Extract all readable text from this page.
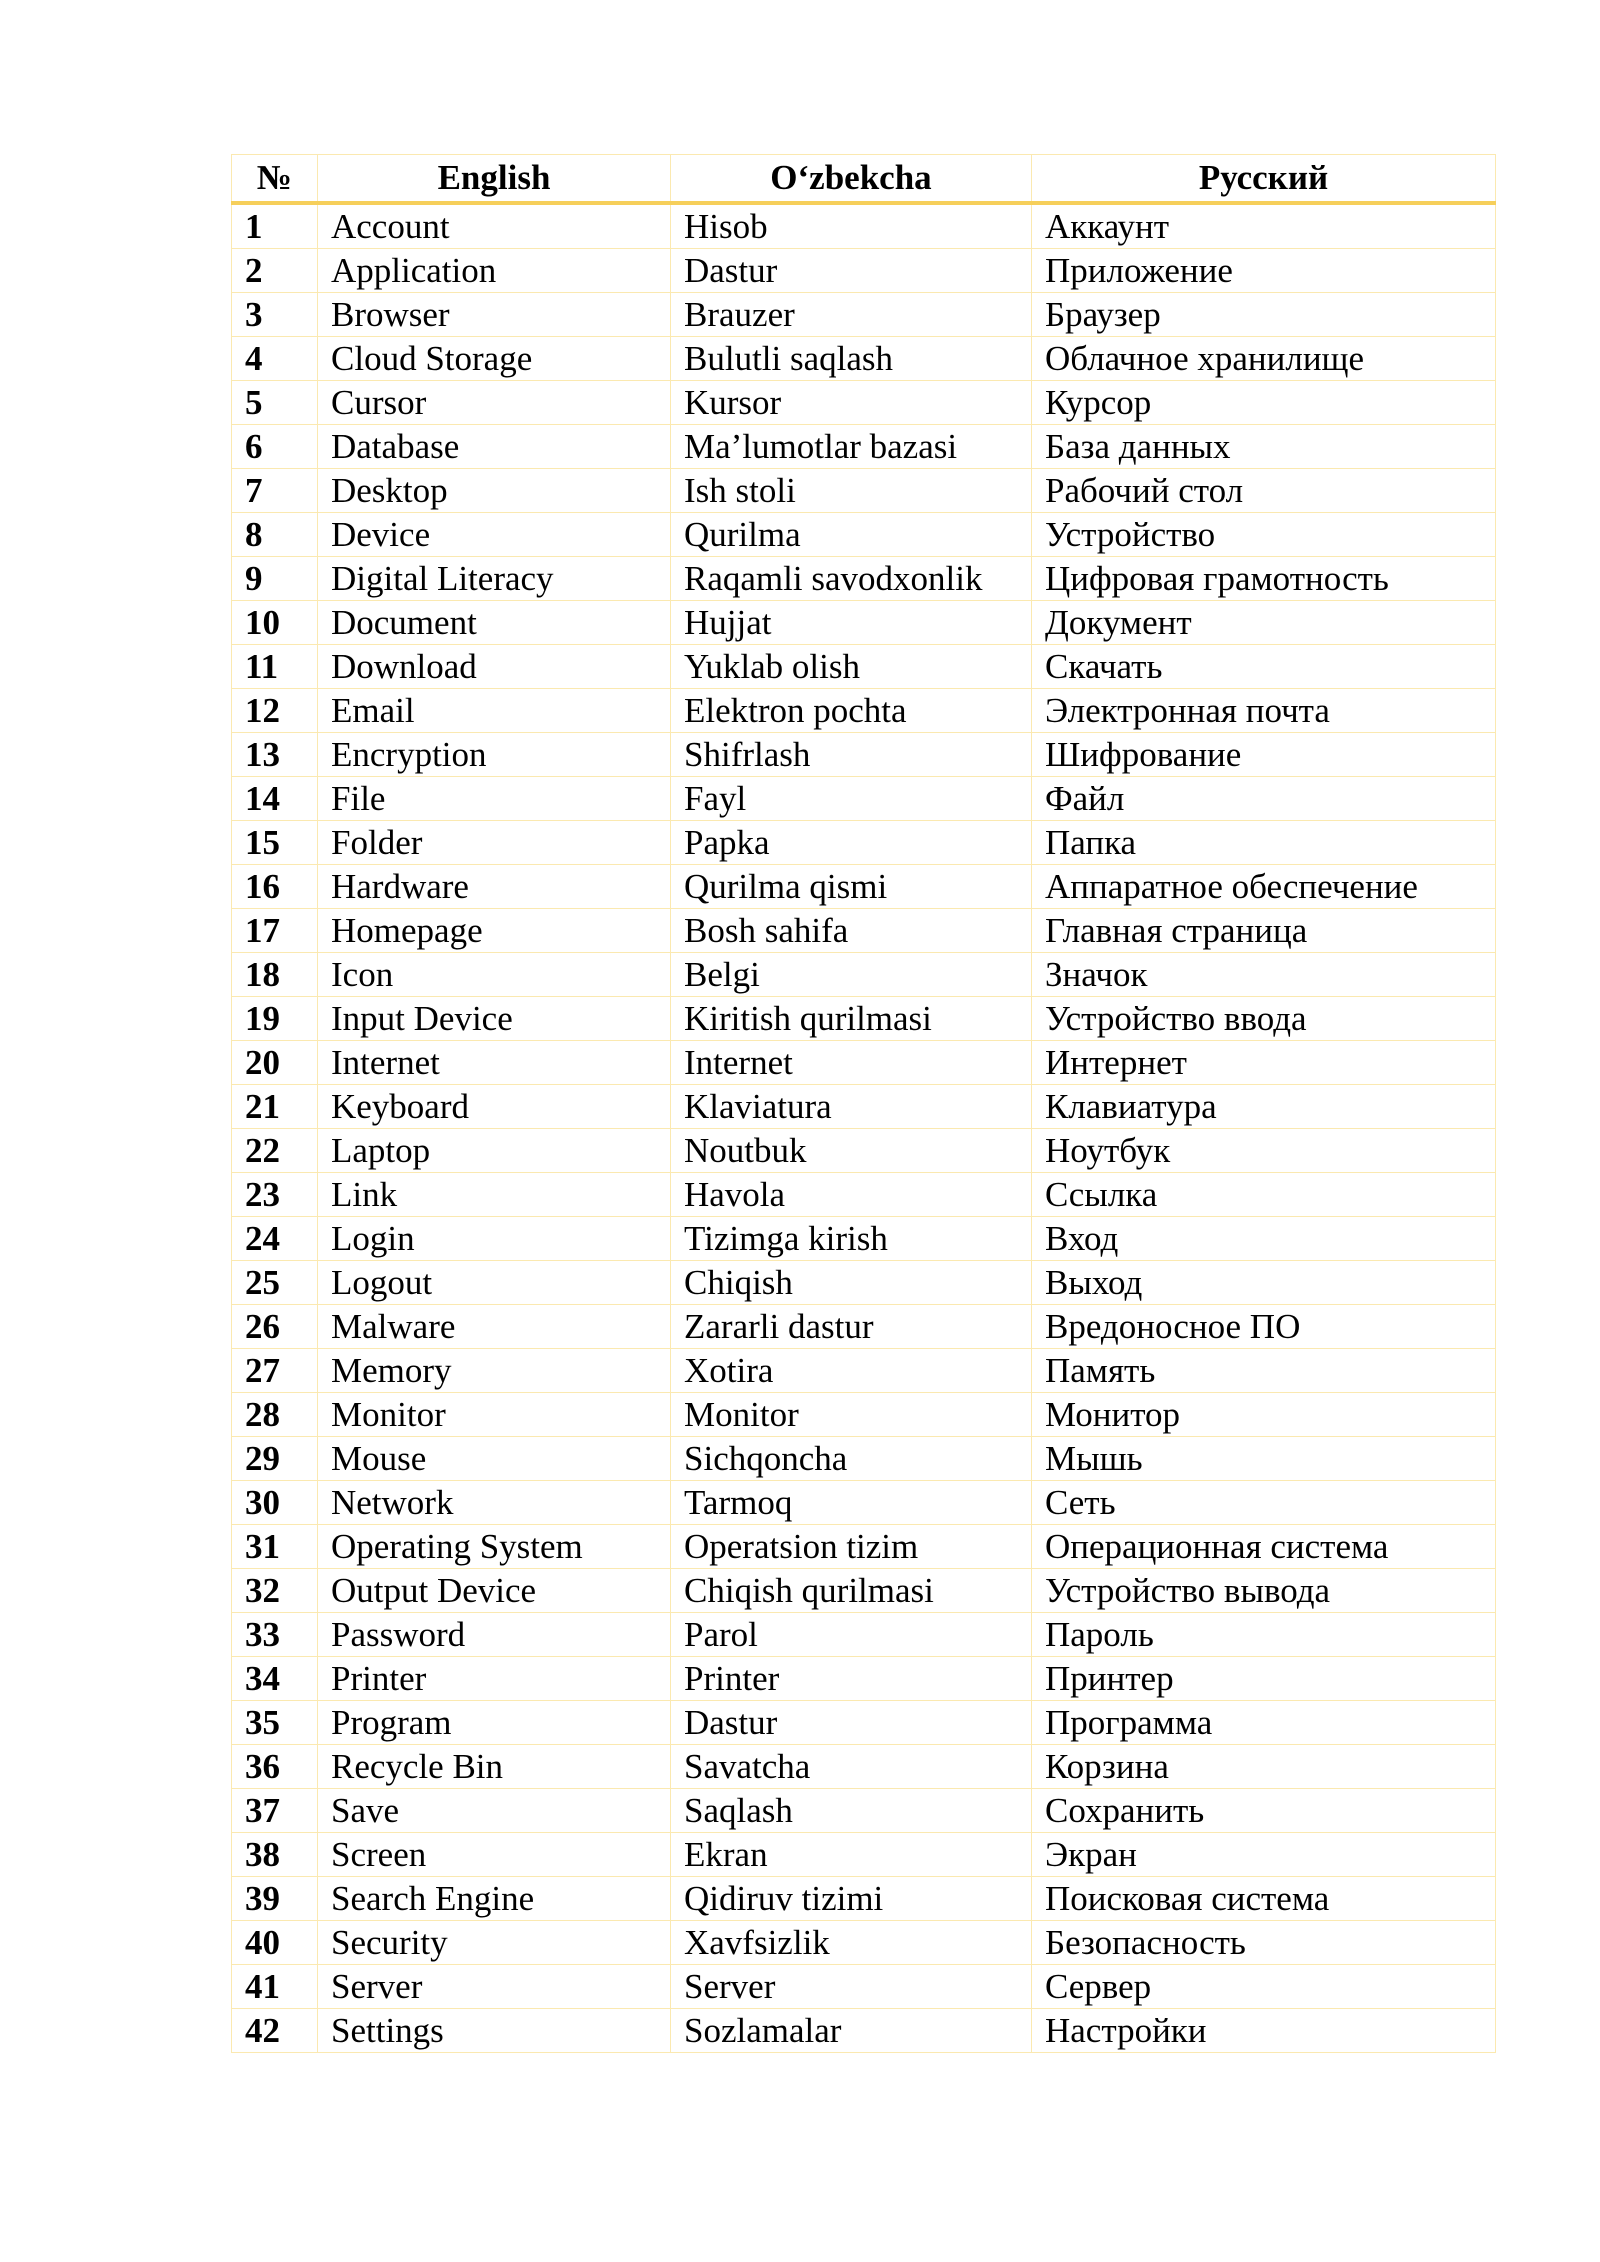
№	English	O‘zbekcha	Русский
1	Account	Hisob	Аккаунт
2	Application	Dastur	Приложение
3	Browser	Brauzer	Браузер
4	Cloud Storage	Bulutli saqlash	Облачное хранилище
5	Cursor	Kursor	Курсор
6	Database	Ma’lumotlar bazasi	База данных
7	Desktop	Ish stoli	Рабочий стол
8	Device	Qurilma	Устройство
9	Digital Literacy	Raqamli savodxonlik	Цифровая грамотность
10	Document	Hujjat	Документ
11	Download	Yuklab olish	Скачать
12	Email	Elektron pochta	Электронная почта
13	Encryption	Shifrlash	Шифрование
14	File	Fayl	Файл
15	Folder	Papka	Папка
16	Hardware	Qurilma qismi	Аппаратное обеспечение
17	Homepage	Bosh sahifa	Главная страница
18	Icon	Belgi	Значок
19	Input Device	Kiritish qurilmasi	Устройство ввода
20	Internet	Internet	Интернет
21	Keyboard	Klaviatura	Клавиатура
22	Laptop	Noutbuk	Ноутбук
23	Link	Havola	Ссылка
24	Login	Tizimga kirish	Вход
25	Logout	Chiqish	Выход
26	Malware	Zararli dastur	Вредоносное ПО
27	Memory	Xotira	Память
28	Monitor	Monitor	Монитор
29	Mouse	Sichqoncha	Мышь
30	Network	Tarmoq	Сеть
31	Operating System	Operatsion tizim	Операционная система
32	Output Device	Chiqish qurilmasi	Устройство вывода
33	Password	Parol	Пароль
34	Printer	Printer	Принтер
35	Program	Dastur	Программа
36	Recycle Bin	Savatcha	Корзина
37	Save	Saqlash	Сохранить
38	Screen	Ekran	Экран
39	Search Engine	Qidiruv tizimi	Поисковая система
40	Security	Xavfsizlik	Безопасность
41	Server	Server	Сервер
42	Settings	Sozlamalar	Настройки
